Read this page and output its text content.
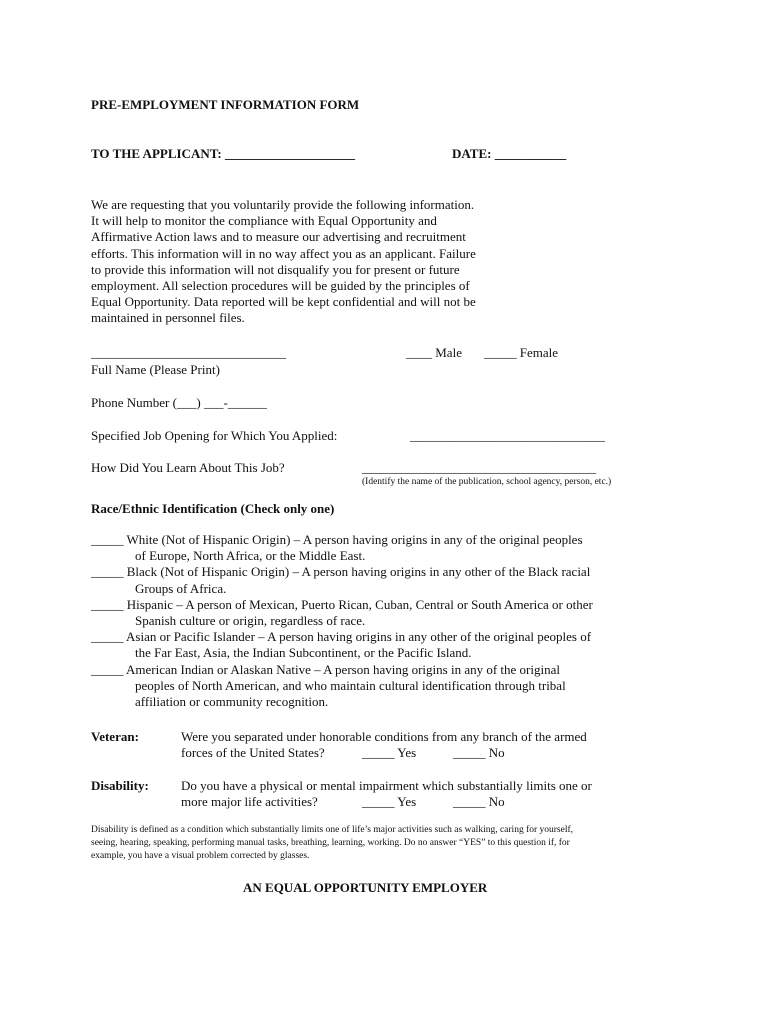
PRE-EMPLOYMENT INFORMATION FORM
TO THE APPLICANT: ____________________	DATE: ___________

We are requesting that you voluntarily provide the following information.

It will help to monitor the compliance with Equal Opportunity and

Affirmative Action laws and to measure our advertising and recruitment

efforts. This information will in no way affect you as an applicant. Failure

to provide this information will not disqualify you for present or future

employment. All selection procedures will be guided by the principles of

Equal Opportunity. Data reported will be kept confidential and will not be

maintained in personnel files.

______________________________	____ Male _____ Female
Full Name (Please Print)
Phone Number (___) ___-______
Specified Job Opening for Which You Applied:	______________________________
How Did You Learn About This Job?	____________________________________
(Identify the name of the publication, school agency, person, etc.)
Race/Ethnic Identification (Check only one)
_____ White (Not of Hispanic Origin) – A person having origins in any of the original peoples
of Europe, North Africa, or the Middle East.
_____ Black (Not of Hispanic Origin) – A person having origins in any other of the Black racial
Groups of Africa.
_____ Hispanic – A person of Mexican, Puerto Rican, Cuban, Central or South America or other
Spanish culture or origin, regardless of race.
_____ Asian or Pacific Islander – A person having origins in any other of the original peoples of
the Far East, Asia, the Indian Subcontinent, or the Pacific Island.
_____ American Indian or Alaskan Native – A person having origins in any of the original
peoples of North American, and who maintain cultural identification through tribal
affiliation or community recognition.
Veteran:	Were you separated under honorable conditions from any branch of the armed
forces of the United States?	_____ Yes	_____ No
Disability: Do you have a physical or mental impairment which substantially limits one or
more major life activities?	_____ Yes	_____ No

Disability is defined as a condition which substantially limits one of life’s major activities such as walking, caring for yourself,

seeing, hearing, speaking, performing manual tasks, breathing, learning, working. Do no answer “YES” to this question if, for

example, you have a visual problem corrected by glasses.

AN EQUAL OPPORTUNITY EMPLOYER
